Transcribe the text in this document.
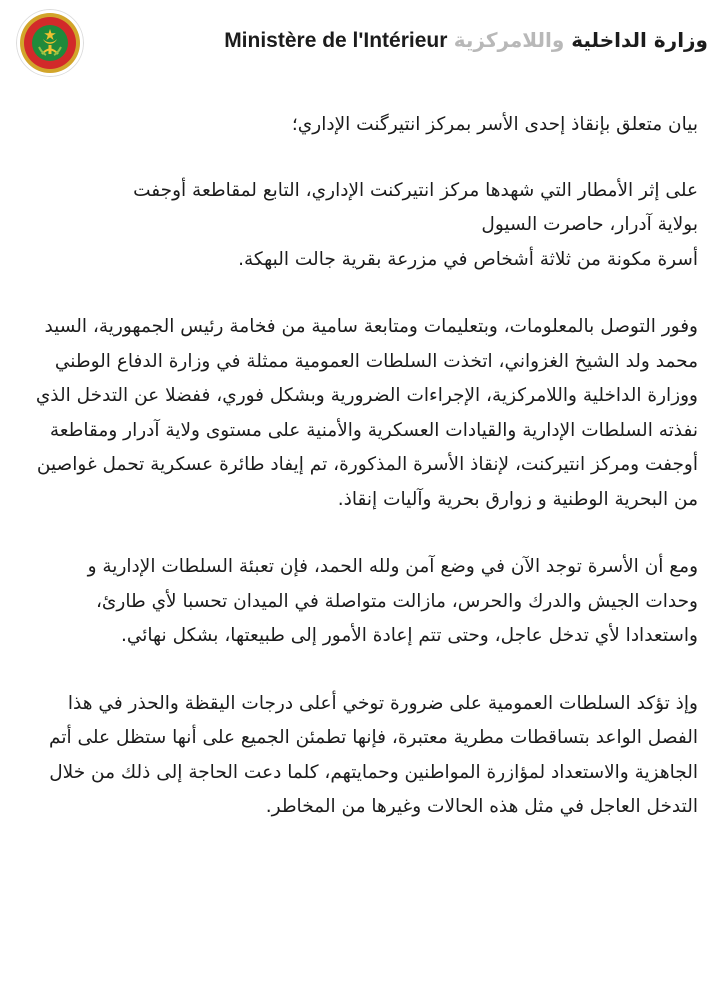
وزارة الداخلية واللامركزية Ministère de l'Intérieur

بيان متعلق بإنقاذ إحدى الأسر بمركز انتيرگنت الإداري؛

على إثر الأمطار التي شهدها مركز انتيركنت الإداري، التابع لمقاطعة أوجفت
بولاية آدرار، حاصرت السيول
أسرة مكونة من ثلاثة أشخاص في مزرعة بقرية جالت البهكة.

وفور التوصل بالمعلومات، وبتعليمات ومتابعة سامية من فخامة رئيس الجمهورية، السيد محمد ولد الشيخ الغزواني، اتخذت السلطات العمومية ممثلة في وزارة الدفاع الوطني ووزارة الداخلية واللامركزية، الإجراءات الضرورية وبشكل فوري، ففضلا عن التدخل الذي نفذته السلطات الإدارية والقيادات العسكرية والأمنية على مستوى ولاية آدرار ومقاطعة أوجفت ومركز انتيركنت، لإنقاذ الأسرة المذكورة، تم إيفاد طائرة عسكرية تحمل غواصين من البحرية الوطنية و زوارق بحرية وآليات إنقاذ.

ومع أن الأسرة توجد الآن في وضع آمن ولله الحمد، فإن تعبئة السلطات الإدارية و وحدات الجيش والدرك والحرس، مازالت متواصلة في الميدان تحسبا لأي طارئ، واستعدادا لأي تدخل عاجل، وحتى تتم إعادة الأمور إلى طبيعتها، بشكل نهائي.

وإذ تؤكد السلطات العمومية على ضرورة توخي أعلى درجات اليقظة والحذر في هذا الفصل الواعد بتساقطات مطرية معتبرة، فإنها تطمئن الجميع على أنها ستظل على أتم الجاهزية والاستعداد لمؤازرة المواطنين وحمايتهم، كلما دعت الحاجة إلى ذلك من خلال التدخل العاجل في مثل هذه الحالات وغيرها من المخاطر.
